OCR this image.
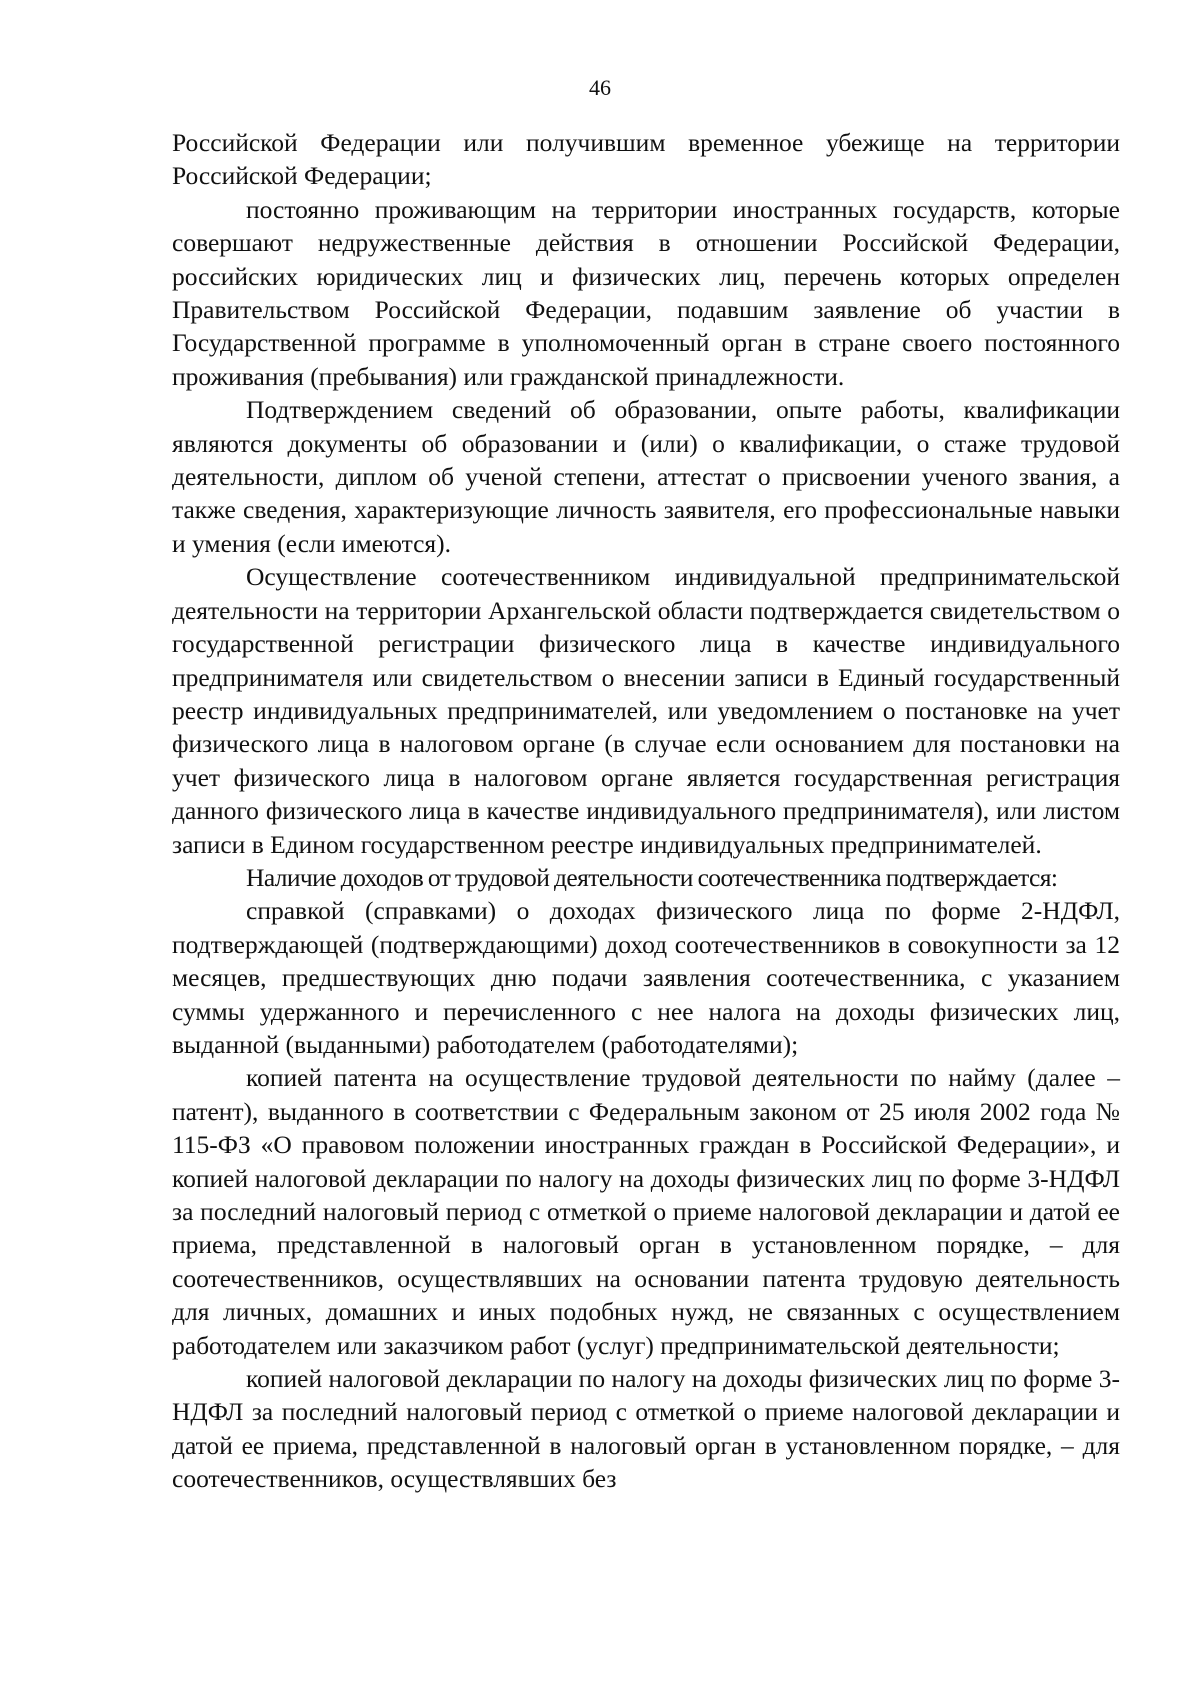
46

Российской Федерации или получившим временное убежище на территории Российской Федерации;

постоянно проживающим на территории иностранных государств, которые совершают недружественные действия в отношении Российской Федерации, российских юридических лиц и физических лиц, перечень которых определен Правительством Российской Федерации, подавшим заявление об участии в Государственной программе в уполномоченный орган в стране своего постоянного проживания (пребывания) или гражданской принадлежности.

Подтверждением сведений об образовании, опыте работы, квалификации являются документы об образовании и (или) о квалификации, о стаже трудовой деятельности, диплом об ученой степени, аттестат о присвоении ученого звания, а также сведения, характеризующие личность заявителя, его профессиональные навыки и умения (если имеются).

Осуществление соотечественником индивидуальной предпринимательской деятельности на территории Архангельской области подтверждается свидетельством о государственной регистрации физического лица в качестве индивидуального предпринимателя или свидетельством о внесении записи в Единый государственный реестр индивидуальных предпринимателей, или уведомлением о постановке на учет физического лица в налоговом органе (в случае если основанием для постановки на учет физического лица в налоговом органе является государственная регистрация данного физического лица в качестве индивидуального предпринимателя), или листом записи в Едином государственном реестре индивидуальных предпринимателей.

Наличие доходов от трудовой деятельности соотечественника подтверждается:

справкой (справками) о доходах физического лица по форме 2-НДФЛ, подтверждающей (подтверждающими) доход соотечественников в совокупности за 12 месяцев, предшествующих дню подачи заявления соотечественника, с указанием суммы удержанного и перечисленного с нее налога на доходы физических лиц, выданной (выданными) работодателем (работодателями);

копией патента на осуществление трудовой деятельности по найму (далее – патент), выданного в соответствии с Федеральным законом от 25 июля 2002 года № 115-ФЗ «О правовом положении иностранных граждан в Российской Федерации», и копией налоговой декларации по налогу на доходы физических лиц по форме 3-НДФЛ за последний налоговый период с отметкой о приеме налоговой декларации и датой ее приема, представленной в налоговый орган в установленном порядке, – для соотечественников, осуществлявших на основании патента трудовую деятельность для личных, домашних и иных подобных нужд, не связанных с осуществлением работодателем или заказчиком работ (услуг) предпринимательской деятельности;

копией налоговой декларации по налогу на доходы физических лиц по форме 3-НДФЛ за последний налоговый период с отметкой о приеме налоговой декларации и датой ее приема, представленной в налоговый орган в установленном порядке, – для соотечественников, осуществлявших без
